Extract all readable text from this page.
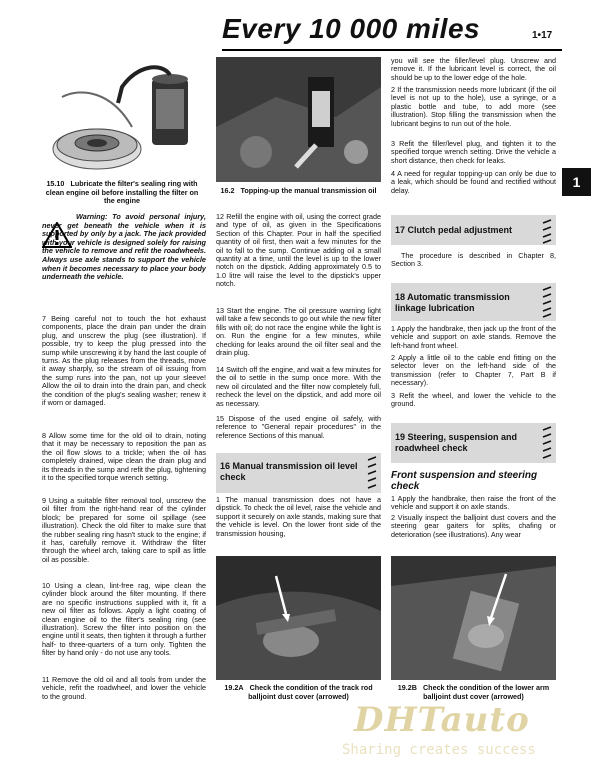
Every 10 000 miles	1•17
1
15.10 Lubricate the filter's sealing ring with clean engine oil before installing the filter on the engine
Warning: To avoid personal injury, never get beneath the vehicle when it is supported by only by a jack. The jack provided with your vehicle is designed solely for raising the vehicle to remove and refit the roadwheels. Always use axle stands to support the vehicle when it becomes necessary to place your body underneath the vehicle.
7 Being careful not to touch the hot exhaust components, place the drain pan under the drain plug, and unscrew the plug (see illustration). If possible, try to keep the plug pressed into the sump while unscrewing it by hand the last couple of turns. As the plug releases from the threads, move it away sharply, so the stream of oil issuing from the sump runs into the pan, not up your sleeve! Allow the oil to drain into the drain pan, and check the condition of the plug's sealing washer; renew it if worn or damaged.
8 Allow some time for the old oil to drain, noting that it may be necessary to reposition the pan as the oil flow slows to a trickle; when the oil has completely drained, wipe clean the drain plug and its threads in the sump and refit the plug, tightening it to the specified torque wrench setting.
9 Using a suitable filter removal tool, unscrew the oil filter from the right-hand rear of the cylinder block; be prepared for some oil spillage (see illustration). Check the old filter to make sure that the rubber sealing ring hasn't stuck to the engine; if it has, carefully remove it. Withdraw the filter through the wheel arch, taking care to spill as little oil as possible.
10 Using a clean, lint-free rag, wipe clean the cylinder block around the filter mounting. If there are no specific instructions supplied with it, fit a new oil filter as follows. Apply a light coating of clean engine oil to the filter's sealing ring (see illustration). Screw the filter into position on the engine until it seats, then tighten it through a further half- to three-quarters of a turn only. Tighten the filter by hand only - do not use any tools.
11 Remove the old oil and all tools from under the vehicle, refit the roadwheel, and lower the vehicle to the ground.
16.2 Topping-up the manual transmission oil
12 Refill the engine with oil, using the correct grade and type of oil, as given in the Specifications Section of this Chapter. Pour in half the specified quantity of oil first, then wait a few minutes for the oil to fall to the sump. Continue adding oil a small quantity at a time, until the level is up to the lower notch on the dipstick. Adding approximately 0.5 to 1.0 litre will raise the level to the dipstick's upper notch.
13 Start the engine. The oil pressure warning light will take a few seconds to go out while the new filter fills with oil; do not race the engine while the light is on. Run the engine for a few minutes, while checking for leaks around the oil filter seal and the drain plug.
14 Switch off the engine, and wait a few minutes for the oil to settle in the sump once more. With the new oil circulated and the filter now completely full, recheck the level on the dipstick, and add more oil as necessary.
15 Dispose of the used engine oil safely, with reference to "General repair procedures" in the reference Sections of this manual.
16 Manual transmission oil level check
1 The manual transmission does not have a dipstick. To check the oil level, raise the vehicle and support it securely on axle stands, making sure that the vehicle is level. On the lower front side of the transmission housing,
19.2A Check the condition of the track rod balljoint dust cover (arrowed)
you will see the filler/level plug. Unscrew and remove it. If the lubricant level is correct, the oil should be up to the lower edge of the hole.
2 If the transmission needs more lubricant (if the oil level is not up to the hole), use a syringe, or a plastic bottle and tube, to add more (see illustration). Stop filling the transmission when the lubricant begins to run out of the hole.
3 Refit the filler/level plug, and tighten it to the specified torque wrench setting. Drive the vehicle a short distance, then check for leaks.
4 A need for regular topping-up can only be due to a leak, which should be found and rectified without delay.
17 Clutch pedal adjustment
The procedure is described in Chapter 8, Section 3.
18 Automatic transmission linkage lubrication
1 Apply the handbrake, then jack up the front of the vehicle and support on axle stands. Remove the left-hand front wheel.
2 Apply a little oil to the cable end fitting on the selector lever on the left-hand side of the transmission (refer to Chapter 7, Part B if necessary).
3 Refit the wheel, and lower the vehicle to the ground.
19 Steering, suspension and roadwheel check
Front suspension and steering check
1 Apply the handbrake, then raise the front of the vehicle and support it on axle stands.
2 Visually inspect the balljoint dust covers and the steering gear gaiters for splits, chafing or deterioration (see illustrations). Any wear
19.2B Check the condition of the lower arm balljoint dust cover (arrowed)
DHTauto
Sharing creates success
